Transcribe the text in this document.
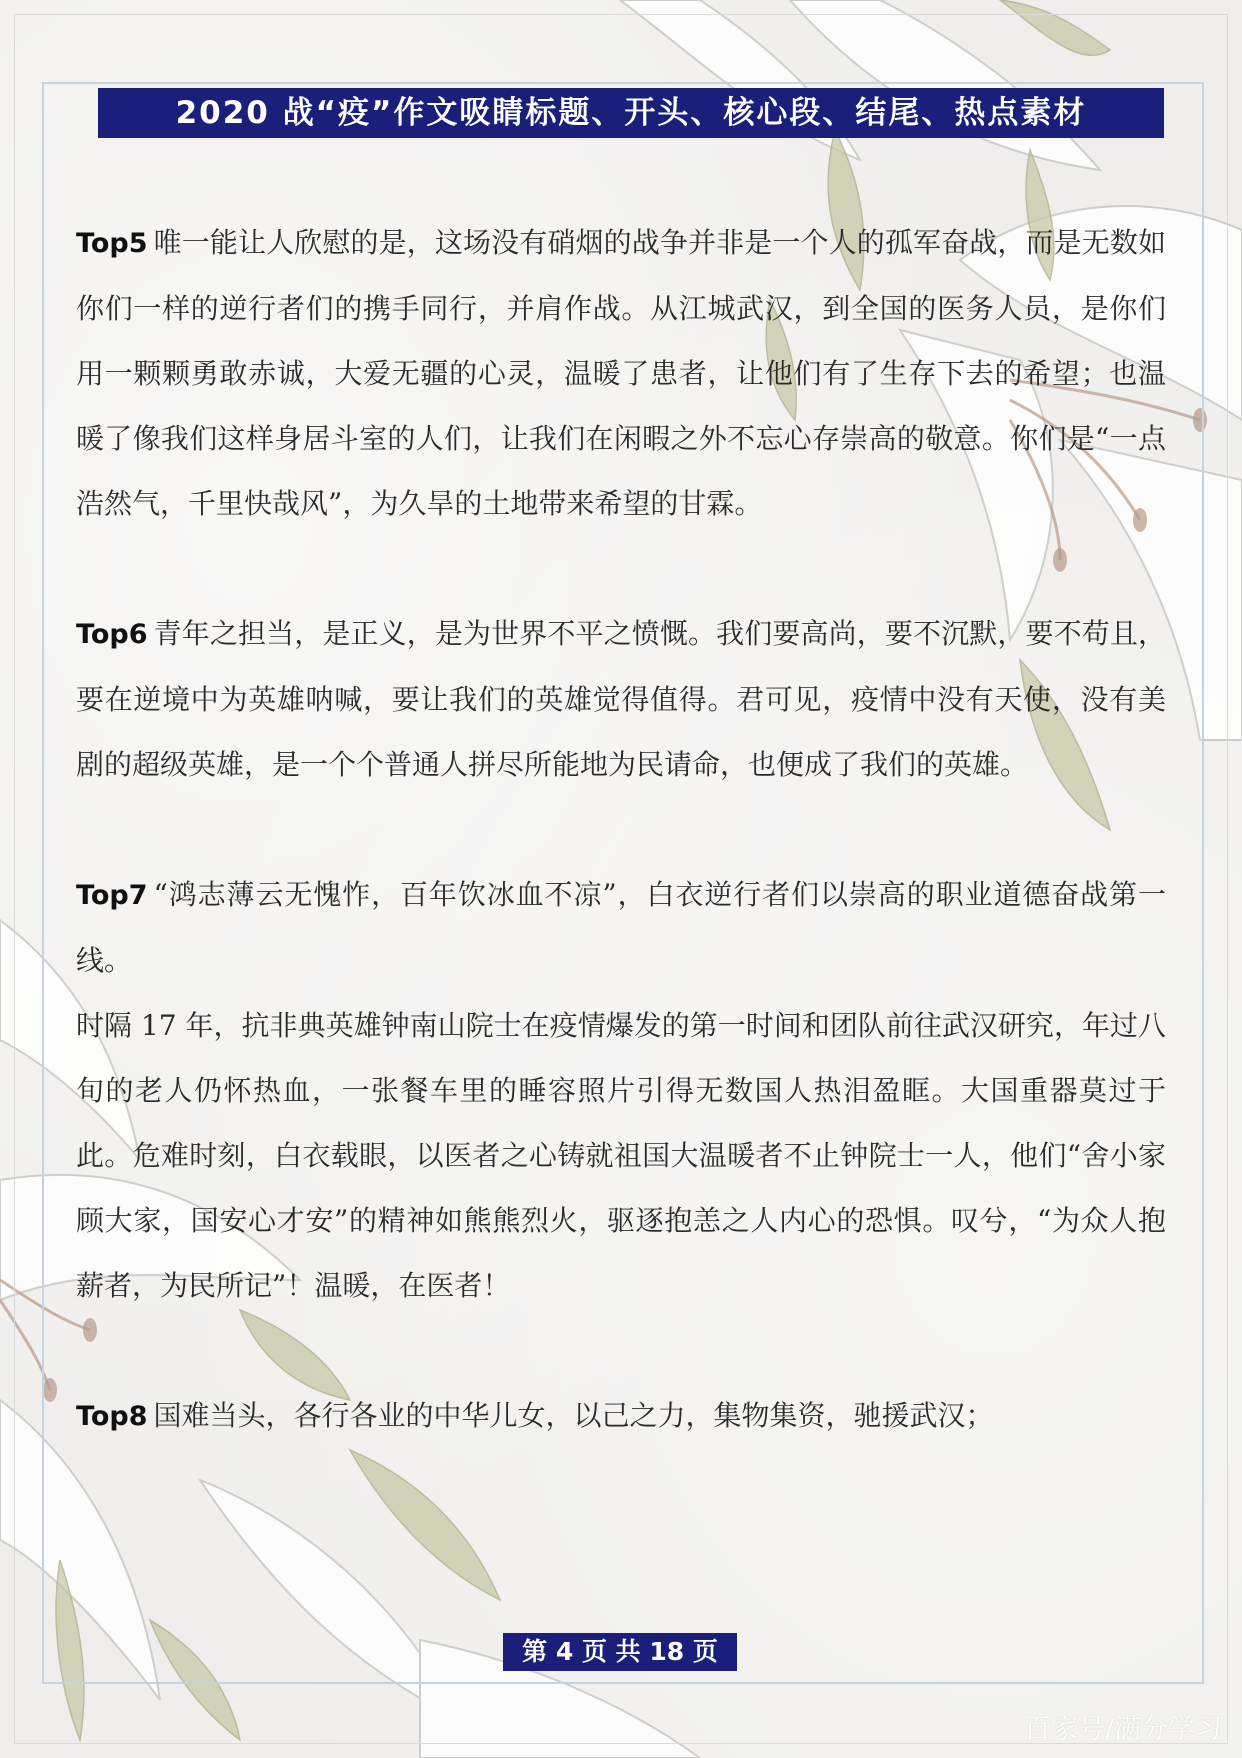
2020 战“疫”作文吸睛标题、开头、核心段、结尾、热点素材

Top5 唯一能让人欣慰的是，这场没有硝烟的战争并非是一个人的孤军奋战，而是无数如你们一样的逆行者们的携手同行，并肩作战。从江城武汉，到全国的医务人员，是你们用一颗颗勇敢赤诚，大爱无疆的心灵，温暖了患者，让他们有了生存下去的希望；也温暖了像我们这样身居斗室的人们，让我们在闲暇之外不忘心存崇高的敬意。你们是“一点浩然气，千里快哉风”，为久旱的土地带来希望的甘霖。

Top6 青年之担当，是正义，是为世界不平之愤慨。我们要高尚，要不沉默，要不苟且，要在逆境中为英雄呐喊，要让我们的英雄觉得值得。君可见，疫情中没有天使，没有美剧的超级英雄，是一个个普通人拼尽所能地为民请命，也便成了我们的英雄。

Top7 “鸿志薄云无愧怍，百年饮冰血不凉”，白衣逆行者们以崇高的职业道德奋战第一线。

时隔 17 年，抗非典英雄钟南山院士在疫情爆发的第一时间和团队前往武汉研究，年过八旬的老人仍怀热血，一张餐车里的睡容照片引得无数国人热泪盈眶。大国重器莫过于此。危难时刻，白衣载眼，以医者之心铸就祖国大温暖者不止钟院士一人，他们“舍小家顾大家，国安心才安”的精神如熊熊烈火，驱逐抱恙之人内心的恐惧。叹兮，“为众人抱薪者，为民所记”！温暖，在医者！

Top8 国难当头，各行各业的中华儿女，以己之力，集物集资，驰援武汉；

第 4 页 共 18 页
百家号/满分学习
